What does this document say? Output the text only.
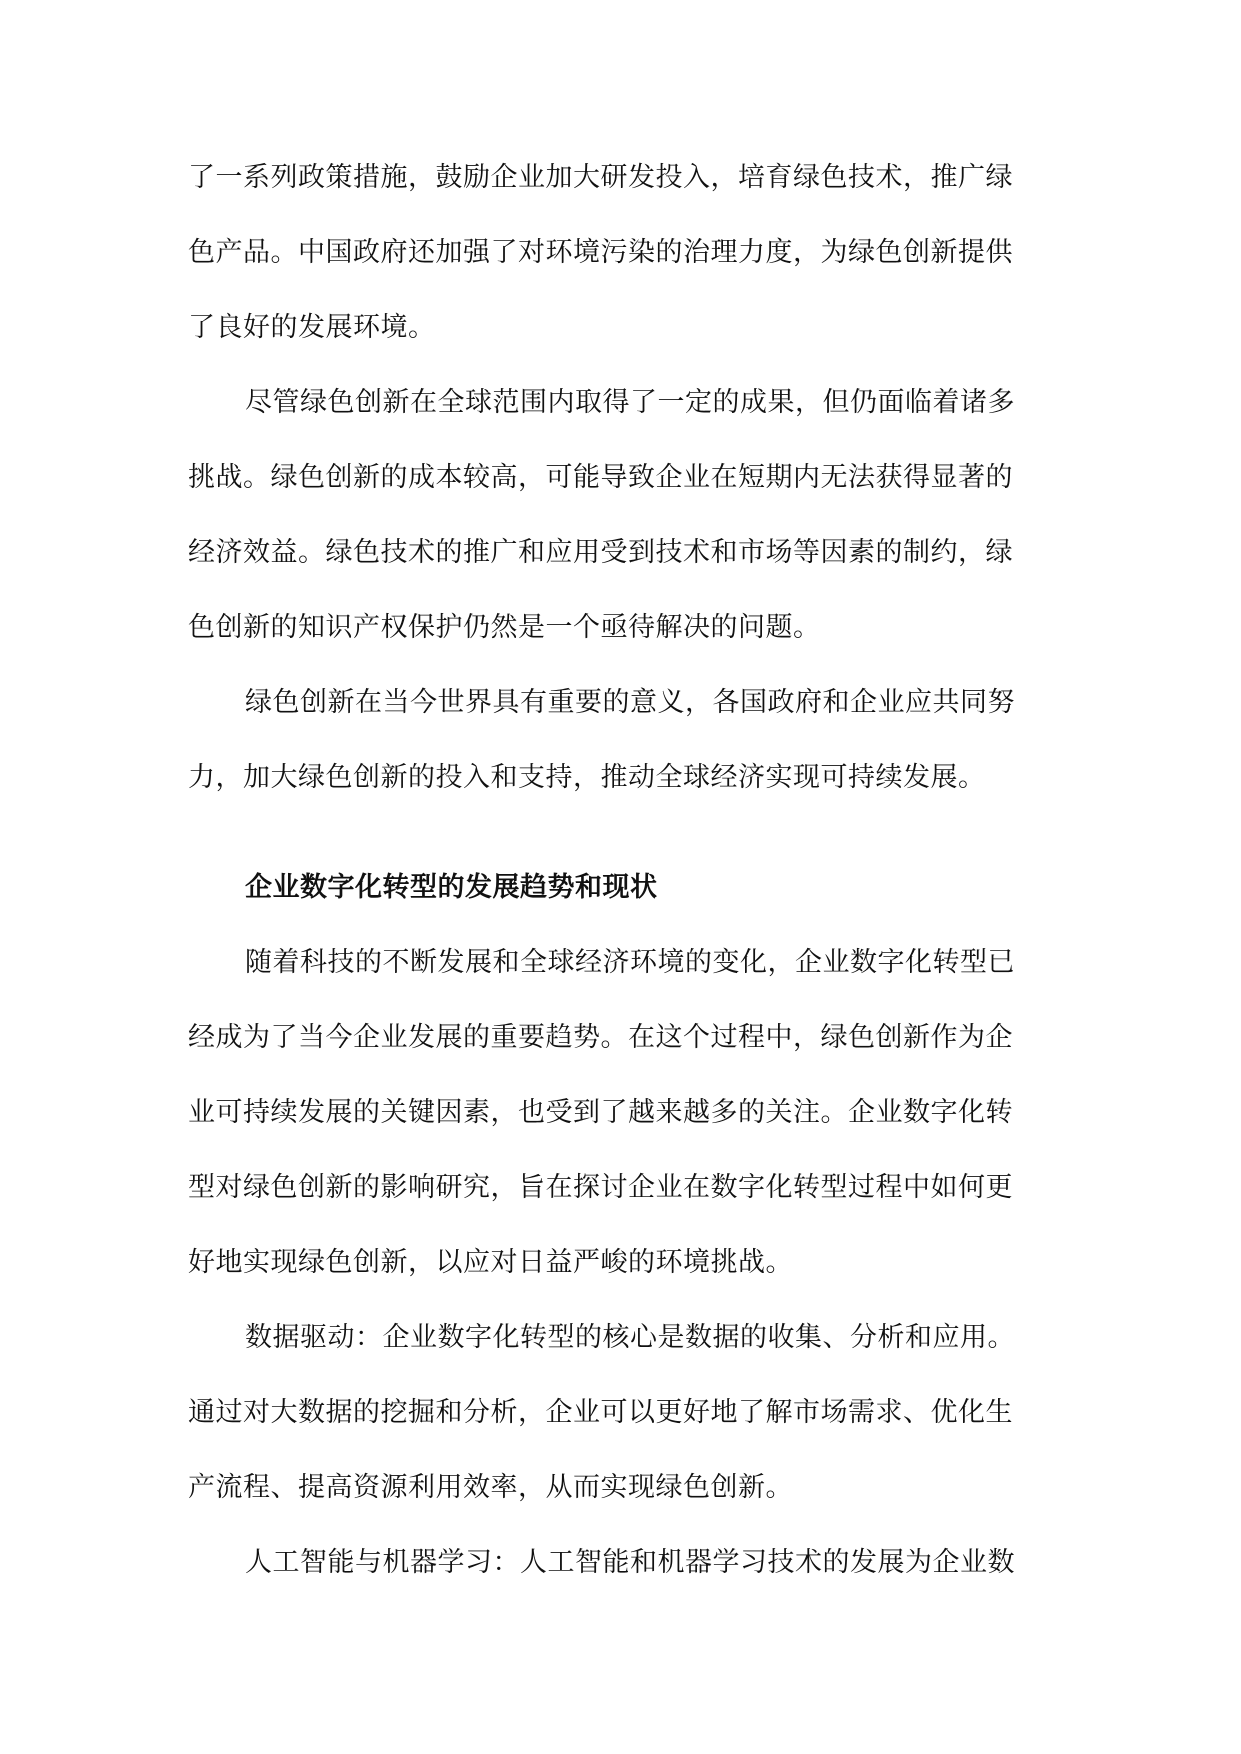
了一系列政策措施，鼓励企业加大研发投入，培育绿色技术，推广绿
色产品。中国政府还加强了对环境污染的治理力度，为绿色创新提供
了良好的发展环境。

尽管绿色创新在全球范围内取得了一定的成果，但仍面临着诸多
挑战。绿色创新的成本较高，可能导致企业在短期内无法获得显著的
经济效益。绿色技术的推广和应用受到技术和市场等因素的制约，绿
色创新的知识产权保护仍然是一个亟待解决的问题。

绿色创新在当今世界具有重要的意义，各国政府和企业应共同努
力，加大绿色创新的投入和支持，推动全球经济实现可持续发展。

企业数字化转型的发展趋势和现状

随着科技的不断发展和全球经济环境的变化，企业数字化转型已
经成为了当今企业发展的重要趋势。在这个过程中，绿色创新作为企
业可持续发展的关键因素，也受到了越来越多的关注。企业数字化转
型对绿色创新的影响研究，旨在探讨企业在数字化转型过程中如何更
好地实现绿色创新，以应对日益严峻的环境挑战。

数据驱动：企业数字化转型的核心是数据的收集、分析和应用。
通过对大数据的挖掘和分析，企业可以更好地了解市场需求、优化生
产流程、提高资源利用效率，从而实现绿色创新。

人工智能与机器学习：人工智能和机器学习技术的发展为企业数
